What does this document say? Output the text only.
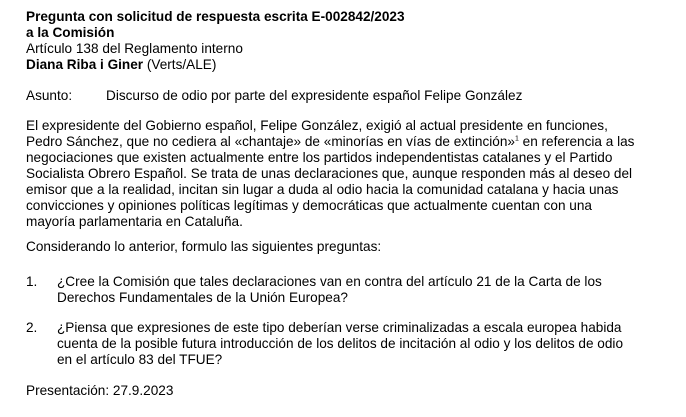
Pregunta con solicitud de respuesta escrita E-002842/2023
a la Comisión
Artículo 138 del Reglamento interno
Diana Riba i Giner (Verts/ALE)
Asunto: Discurso de odio por parte del expresidente español Felipe González
El expresidente del Gobierno español, Felipe González, exigió al actual presidente en funciones,
Pedro Sánchez, que no cediera al «chantaje» de «minorías en vías de extinción»$^1$ en referencia a las
negociaciones que existen actualmente entre los partidos independentistas catalanes y el Partido
Socialista Obrero Español. Se trata de unas declaraciones que, aunque responden más al deseo del
emisor que a la realidad, incitan sin lugar a duda al odio hacia la comunidad catalana y hacia unas
convicciones y opiniones políticas legítimas y democráticas que actualmente cuentan con una
mayoría parlamentaria en Cataluña.
Considerando lo anterior, formulo las siguientes preguntas:
1. ¿Cree la Comisión que tales declaraciones van en contra del artículo 21 de la Carta de los
Derechos Fundamentales de la Unión Europea?
2. ¿Piensa que expresiones de este tipo deberían verse criminalizadas a escala europea habida
cuenta de la posible futura introducción de los delitos de incitación al odio y los delitos de odio
en el artículo 83 del TFUE?
Presentación: 27.9.2023
